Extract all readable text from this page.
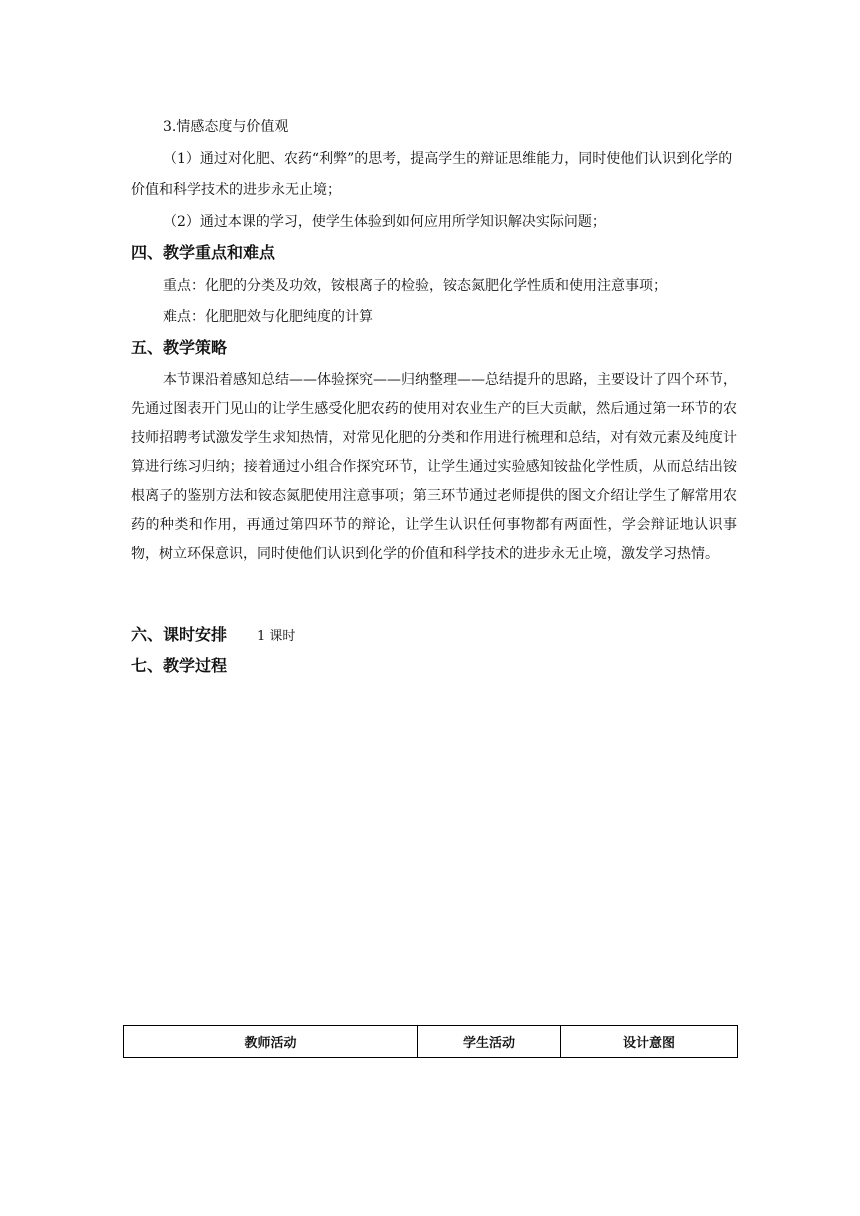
3.情感态度与价值观
（1）通过对化肥、农药“利弊”的思考，提高学生的辩证思维能力，同时使他们认识到化学的价值和科学技术的进步永无止境；
（2）通过本课的学习，使学生体验到如何应用所学知识解决实际问题；
四、教学重点和难点
重点：化肥的分类及功效，铵根离子的检验，铵态氮肥化学性质和使用注意事项；
难点：化肥肥效与化肥纯度的计算
五、教学策略
本节课沿着感知总结——体验探究——归纳整理——总结提升的思路，主要设计了四个环节，先通过图表开门见山的让学生感受化肥农药的使用对农业生产的巨大贡献，然后通过第一环节的农技师招聘考试激发学生求知热情，对常见化肥的分类和作用进行梳理和总结，对有效元素及纯度计算进行练习归纳；接着通过小组合作探究环节，让学生通过实验感知铵盐化学性质，从而总结出铵根离子的鉴别方法和铵态氮肥使用注意事项；第三环节通过老师提供的图文介绍让学生了解常用农药的种类和作用，再通过第四环节的辩论，让学生认识任何事物都有两面性，学会辩证地认识事物，树立环保意识，同时使他们认识到化学的价值和科学技术的进步永无止境，激发学习热情。
六、课时安排 1 课时
七、教学过程
教师活动	学生活动	设计意图
